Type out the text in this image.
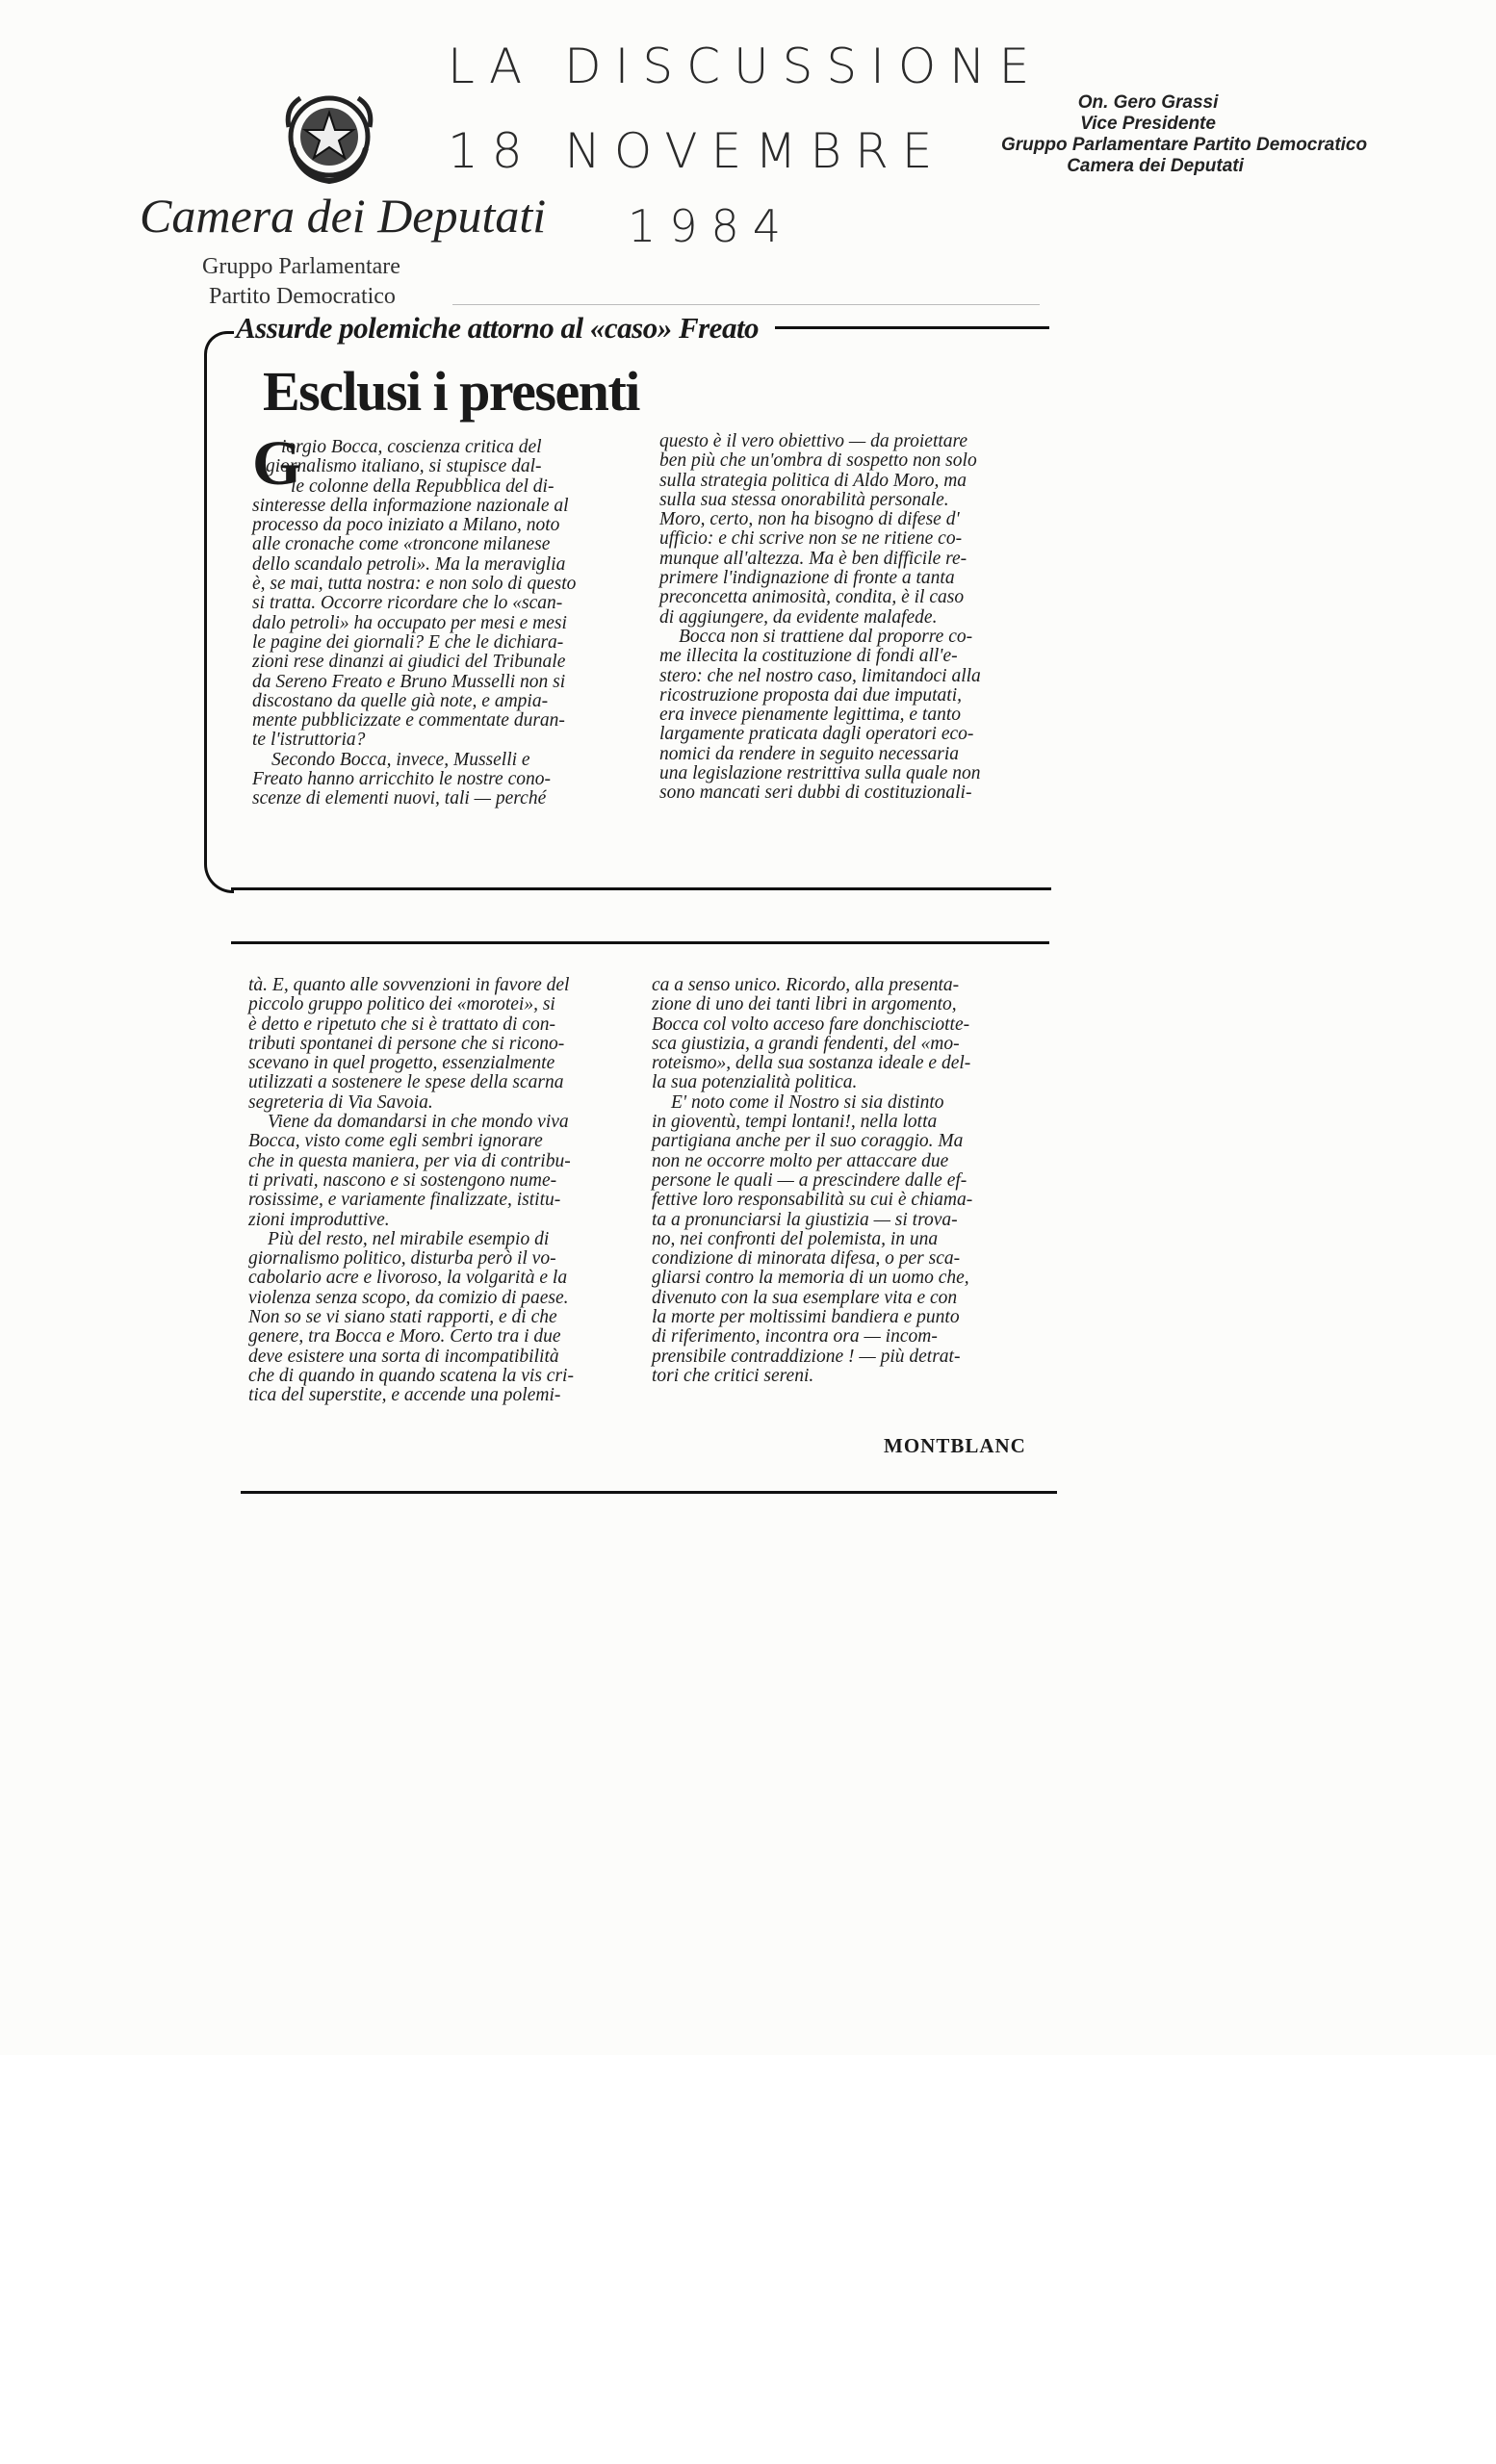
LA DISCUSSIONE
18 NOVEMBRE
1984
Camera dei Deputati
Gruppo Parlamentare
Partito Democratico
On. Gero Grassi
Vice Presidente
Gruppo Parlamentare Partito Democratico
Camera dei Deputati
Assurde polemiche attorno al «caso» Freato
Esclusi i presenti
G
iorgio Bocca, coscienza critica del
giornalismo italiano, si stupisce dal-
le colonne della Repubblica del di-
sinteresse della informazione nazionale al
processo da poco iniziato a Milano, noto
alle cronache come «troncone milanese
dello scandalo petroli». Ma la meraviglia
è, se mai, tutta nostra: e non solo di questo
si tratta. Occorre ricordare che lo «scan-
dalo petroli» ha occupato per mesi e mesi
le pagine dei giornali? E che le dichiara-
zioni rese dinanzi ai giudici del Tribunale
da Sereno Freato e Bruno Musselli non si
discostano da quelle già note, e ampia-
mente pubblicizzate e commentate duran-
te l'istruttoria?
Secondo Bocca, invece, Musselli e
Freato hanno arricchito le nostre cono-
scenze di elementi nuovi, tali — perché
questo è il vero obiettivo — da proiettare
ben più che un'ombra di sospetto non solo
sulla strategia politica di Aldo Moro, ma
sulla sua stessa onorabilità personale.
Moro, certo, non ha bisogno di difese d'
ufficio: e chi scrive non se ne ritiene co-
munque all'altezza. Ma è ben difficile re-
primere l'indignazione di fronte a tanta
preconcetta animosità, condita, è il caso
di aggiungere, da evidente malafede.
Bocca non si trattiene dal proporre co-
me illecita la costituzione di fondi all'e-
stero: che nel nostro caso, limitandoci alla
ricostruzione proposta dai due imputati,
era invece pienamente legittima, e tanto
largamente praticata dagli operatori eco-
nomici da rendere in seguito necessaria
una legislazione restrittiva sulla quale non
sono mancati seri dubbi di costituzionali-
tà. E, quanto alle sovvenzioni in favore del
piccolo gruppo politico dei «morotei», si
è detto e ripetuto che si è trattato di con-
tributi spontanei di persone che si ricono-
scevano in quel progetto, essenzialmente
utilizzati a sostenere le spese della scarna
segreteria di Via Savoia.
Viene da domandarsi in che mondo viva
Bocca, visto come egli sembri ignorare
che in questa maniera, per via di contribu-
ti privati, nascono e si sostengono nume-
rosissime, e variamente finalizzate, istitu-
zioni improduttive.
Più del resto, nel mirabile esempio di
giornalismo politico, disturba però il vo-
cabolario acre e livoroso, la volgarità e la
violenza senza scopo, da comizio di paese.
Non so se vi siano stati rapporti, e di che
genere, tra Bocca e Moro. Certo tra i due
deve esistere una sorta di incompatibilità
che di quando in quando scatena la vis cri-
tica del superstite, e accende una polemi-
ca a senso unico. Ricordo, alla presenta-
zione di uno dei tanti libri in argomento,
Bocca col volto acceso fare donchisciotte-
sca giustizia, a grandi fendenti, del «mo-
roteismo», della sua sostanza ideale e del-
la sua potenzialità politica.
E' noto come il Nostro si sia distinto
in gioventù, tempi lontani!, nella lotta
partigiana anche per il suo coraggio. Ma
non ne occorre molto per attaccare due
persone le quali — a prescindere dalle ef-
fettive loro responsabilità su cui è chiama-
ta a pronunciarsi la giustizia — si trova-
no, nei confronti del polemista, in una
condizione di minorata difesa, o per sca-
gliarsi contro la memoria di un uomo che,
divenuto con la sua esemplare vita e con
la morte per moltissimi bandiera e punto
di riferimento, incontra ora — incom-
prensibile contraddizione ! — più detrat-
tori che critici sereni.
MONTBLANC
